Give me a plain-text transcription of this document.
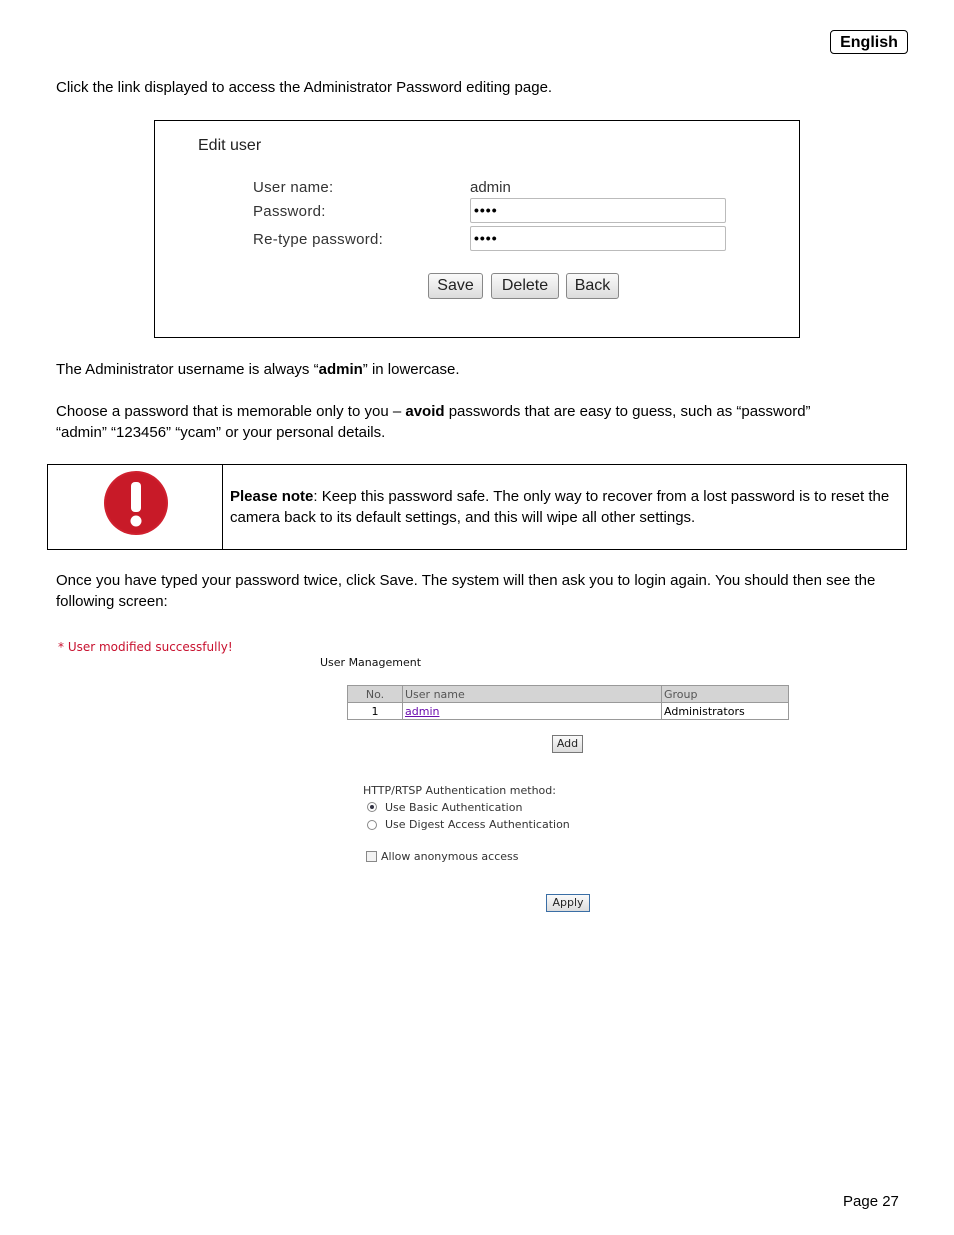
English
Click the link displayed to access the Administrator Password editing page.
Edit user
User name:	admin
Password:	••••
Re-type password:	••••
Save	Delete	Back
The Administrator username is always “admin” in lowercase.
Choose a password that is memorable only to you – avoid passwords that are easy to guess, such as “password”
“admin” “123456” “ycam” or your personal details.
Please note: Keep this password safe. The only way to recover from a lost password is to reset the camera back to its default settings, and this will wipe all other settings.
Once you have typed your password twice, click Save. The system will then ask you to login again. You should then see the following screen:
* User modified successfully!
User Management
No.	User name	Group
1	admin	Administrators
Add
HTTP/RTSP Authentication method:
Use Basic Authentication
Use Digest Access Authentication
Allow anonymous access
Apply
Page 27
